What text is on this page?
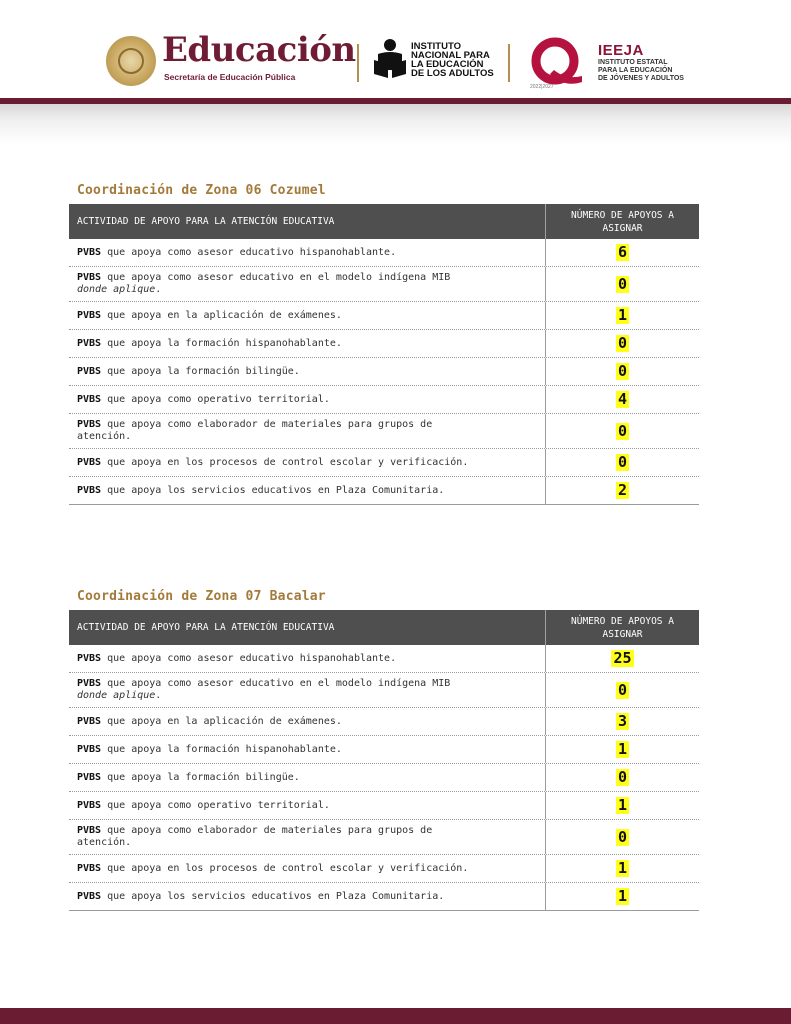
Educación
Secretaría de Educación Pública
INSTITUTO
NACIONAL PARA
LA EDUCACIÓN
DE LOS ADULTOS
2022|2027
IEEJA
INSTITUTO ESTATAL
PARA LA EDUCACIÓN
DE JÓVENES Y ADULTOS
Coordinación de Zona 06 Cozumel
ACTIVIDAD DE APOYO PARA LA ATENCIÓN EDUCATIVA
NÚMERO DE APOYOS A
ASIGNAR
PVBS que apoya como asesor educativo hispanohablante.	6
PVBS que apoya como asesor educativo en el modelo indígena MIB
donde aplique.	0
PVBS que apoya en la aplicación de exámenes.	1
PVBS que apoya la formación hispanohablante.	0
PVBS que apoya la formación bilingüe.	0
PVBS que apoya como operativo territorial.	4
PVBS que apoya como elaborador de materiales para grupos de
atención.	0
PVBS que apoya en los procesos de control escolar y verificación.	0
PVBS que apoya los servicios educativos en Plaza Comunitaria.	2
Coordinación de Zona 07 Bacalar
ACTIVIDAD DE APOYO PARA LA ATENCIÓN EDUCATIVA
NÚMERO DE APOYOS A
ASIGNAR
PVBS que apoya como asesor educativo hispanohablante.	25
PVBS que apoya como asesor educativo en el modelo indígena MIB
donde aplique.	0
PVBS que apoya en la aplicación de exámenes.	3
PVBS que apoya la formación hispanohablante.	1
PVBS que apoya la formación bilingüe.	0
PVBS que apoya como operativo territorial.	1
PVBS que apoya como elaborador de materiales para grupos de
atención.	0
PVBS que apoya en los procesos de control escolar y verificación.	1
PVBS que apoya los servicios educativos en Plaza Comunitaria.	1
